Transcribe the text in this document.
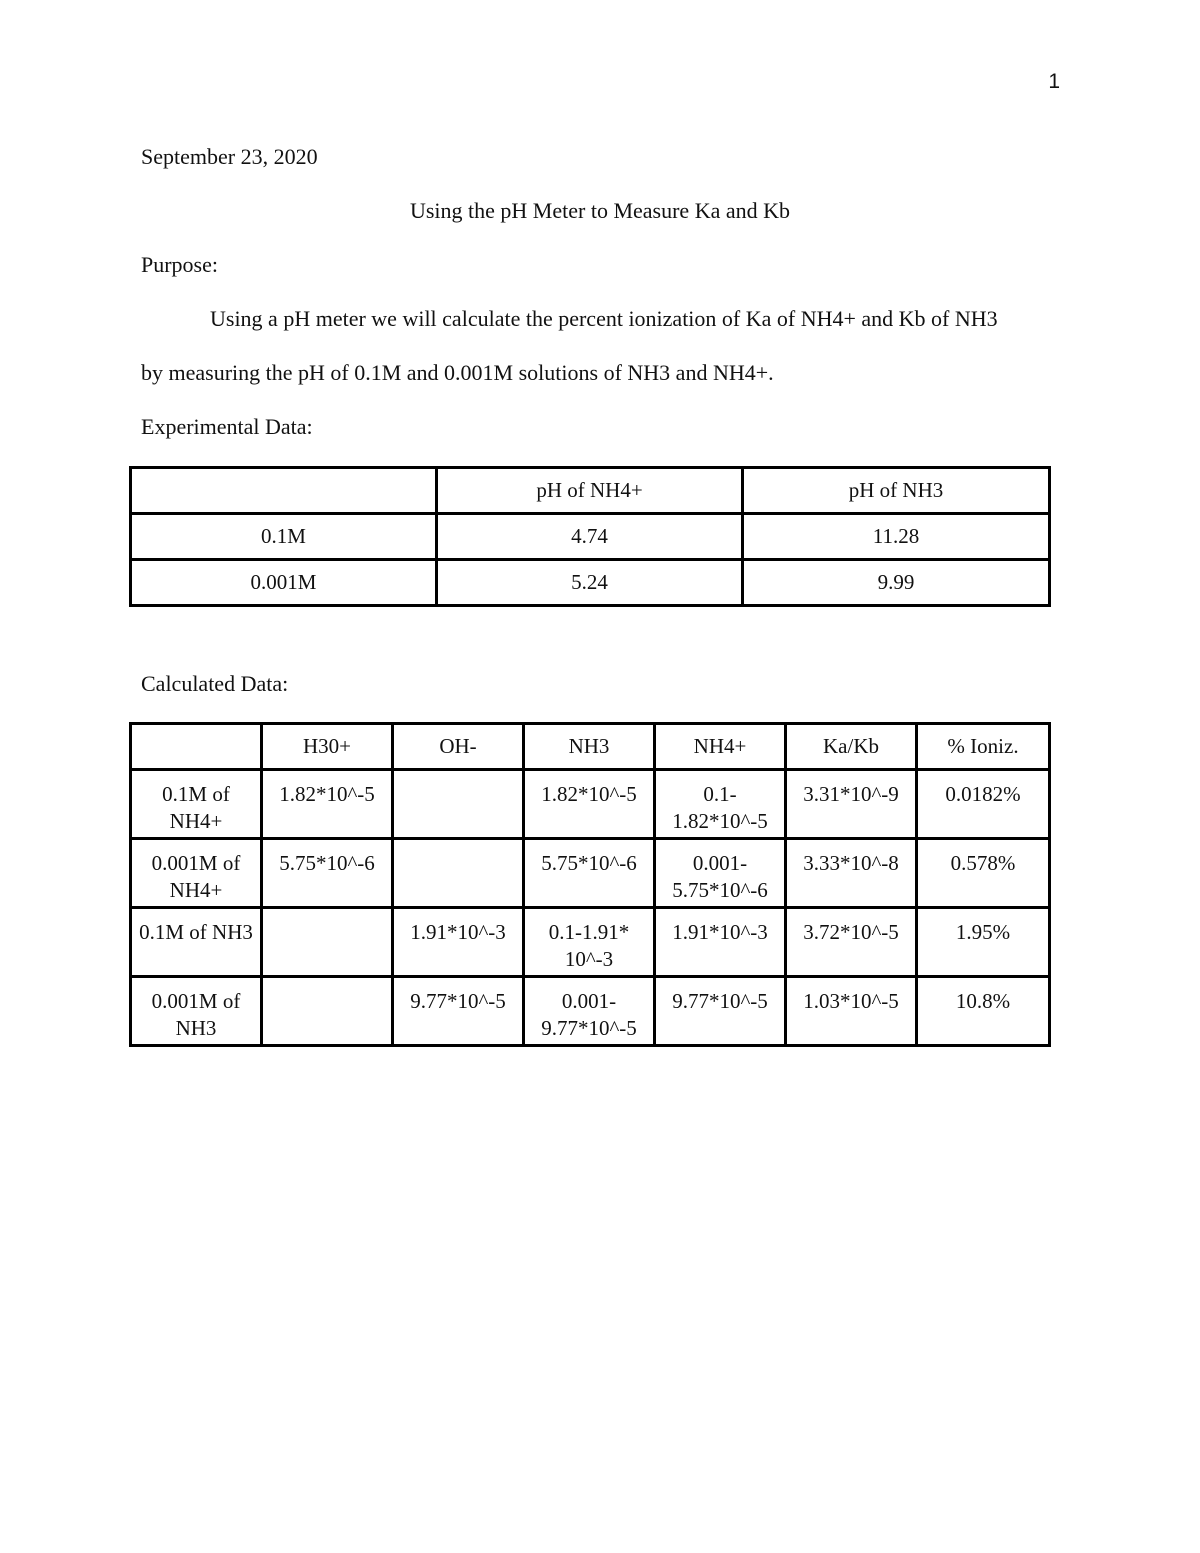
1
September 23, 2020
Using the pH Meter to Measure Ka and Kb
Purpose:
Using a pH meter we will calculate the percent ionization of Ka of NH4+ and Kb of NH3
by measuring the pH of 0.1M and 0.001M solutions of NH3 and NH4+.
Experimental Data:
	pH of NH4+	pH of NH3
0.1M	4.74	11.28
0.001M	5.24	9.99
Calculated Data:
	H30+	OH-	NH3	NH4+	Ka/Kb	% Ioniz.
0.1M of NH4+	1.82*10^-5		1.82*10^-5	0.1- 1.82*10^-5	3.31*10^-9	0.0182%
0.001M of NH4+	5.75*10^-6		5.75*10^-6	0.001- 5.75*10^-6	3.33*10^-8	0.578%
0.1M of NH3		1.91*10^-3	0.1-1.91* 10^-3	1.91*10^-3	3.72*10^-5	1.95%
0.001M of NH3		9.77*10^-5	0.001- 9.77*10^-5	9.77*10^-5	1.03*10^-5	10.8%
